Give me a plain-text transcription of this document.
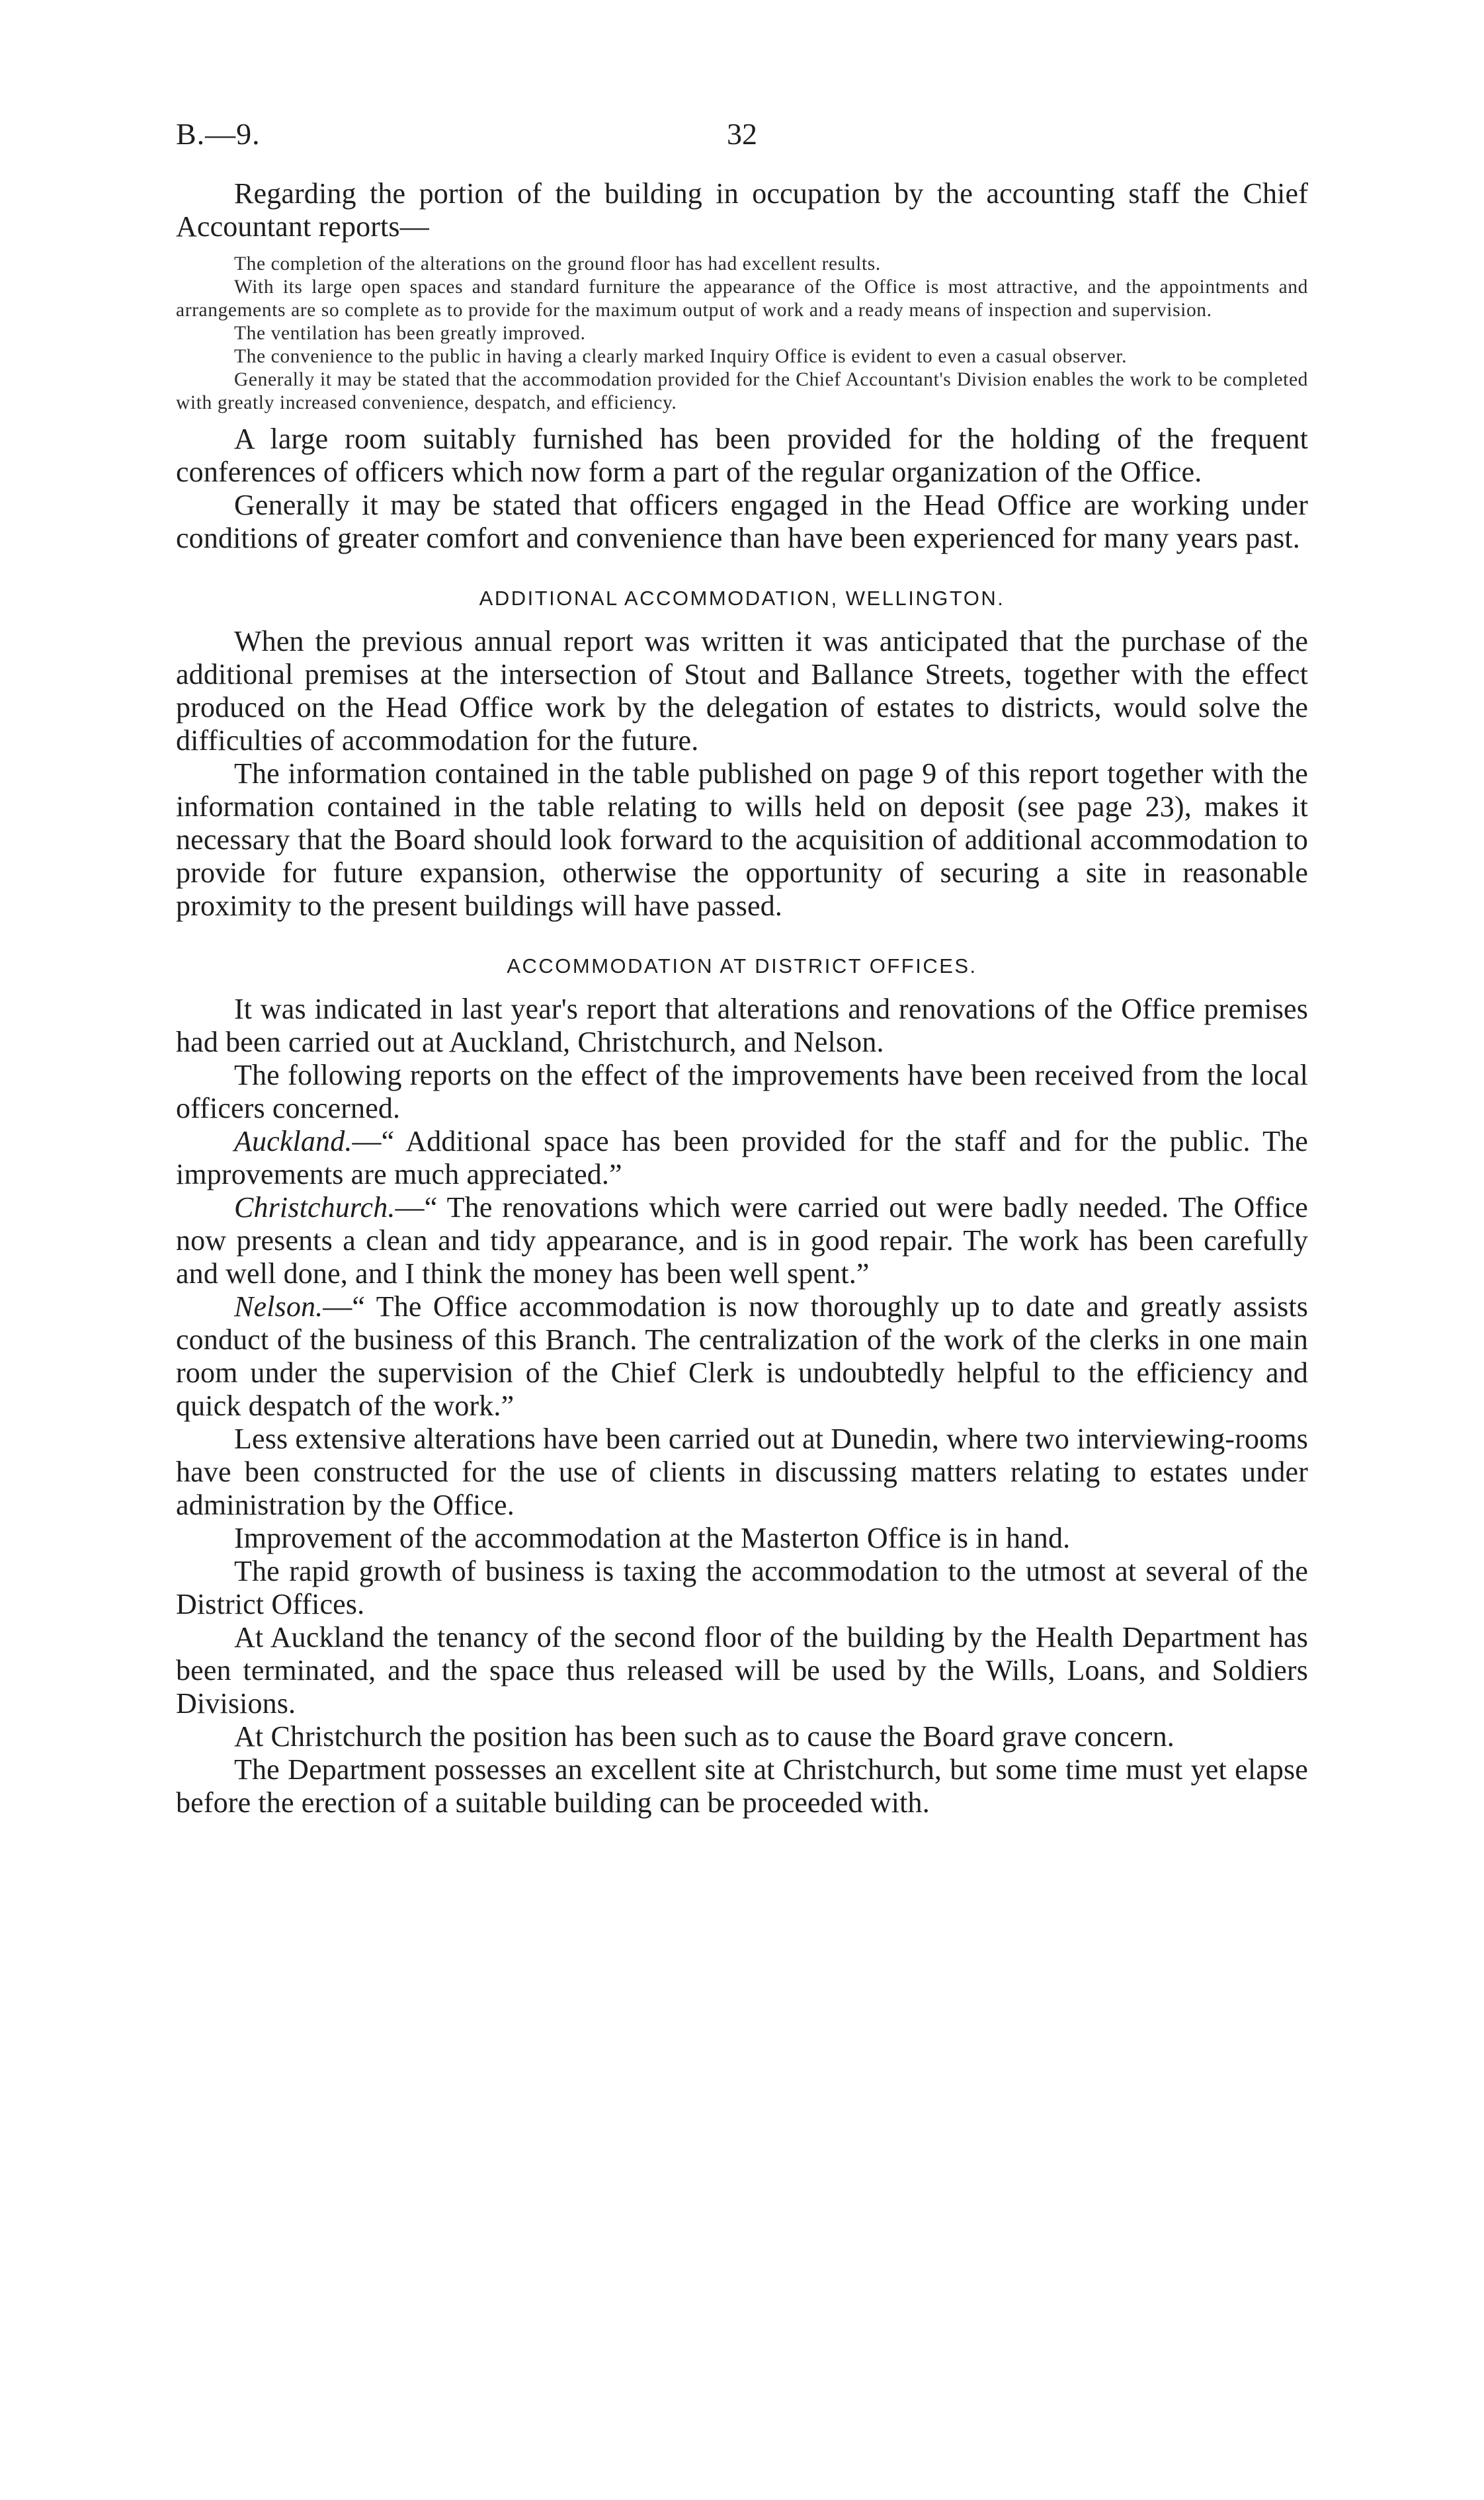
B.—9.	32

Regarding the portion of the building in occupation by the accounting staff the Chief Accountant reports—

The completion of the alterations on the ground floor has had excellent results.

With its large open spaces and standard furniture the appearance of the Office is most attractive, and the appointments and arrangements are so complete as to provide for the maximum output of work and a ready means of inspection and supervision.

The ventilation has been greatly improved.

The convenience to the public in having a clearly marked Inquiry Office is evident to even a casual observer.

Generally it may be stated that the accommodation provided for the Chief Accountant's Division enables the work to be completed with greatly increased convenience, despatch, and efficiency.

A large room suitably furnished has been provided for the holding of the frequent conferences of officers which now form a part of the regular organization of the Office.

Generally it may be stated that officers engaged in the Head Office are working under conditions of greater comfort and convenience than have been experienced for many years past.

ADDITIONAL ACCOMMODATION, WELLINGTON.

When the previous annual report was written it was anticipated that the purchase of the additional premises at the intersection of Stout and Ballance Streets, together with the effect produced on the Head Office work by the delegation of estates to districts, would solve the difficulties of accommodation for the future.

The information contained in the table published on page 9 of this report together with the information contained in the table relating to wills held on deposit (see page 23), makes it necessary that the Board should look forward to the acquisition of additional accommodation to provide for future expansion, otherwise the opportunity of securing a site in reasonable proximity to the present buildings will have passed.

ACCOMMODATION AT DISTRICT OFFICES.

It was indicated in last year's report that alterations and renovations of the Office premises had been carried out at Auckland, Christchurch, and Nelson.

The following reports on the effect of the improvements have been received from the local officers concerned.

Auckland.—“ Additional space has been provided for the staff and for the public. The improvements are much appreciated.”

Christchurch.—“ The renovations which were carried out were badly needed. The Office now presents a clean and tidy appearance, and is in good repair. The work has been carefully and well done, and I think the money has been well spent.”

Nelson.—“ The Office accommodation is now thoroughly up to date and greatly assists conduct of the business of this Branch. The centralization of the work of the clerks in one main room under the supervision of the Chief Clerk is undoubtedly helpful to the efficiency and quick despatch of the work.”

Less extensive alterations have been carried out at Dunedin, where two interviewing-rooms have been constructed for the use of clients in discussing matters relating to estates under administration by the Office.

Improvement of the accommodation at the Masterton Office is in hand.

The rapid growth of business is taxing the accommodation to the utmost at several of the District Offices.

At Auckland the tenancy of the second floor of the building by the Health Department has been terminated, and the space thus released will be used by the Wills, Loans, and Soldiers Divisions.

At Christchurch the position has been such as to cause the Board grave concern.

The Department possesses an excellent site at Christchurch, but some time must yet elapse before the erection of a suitable building can be proceeded with.
